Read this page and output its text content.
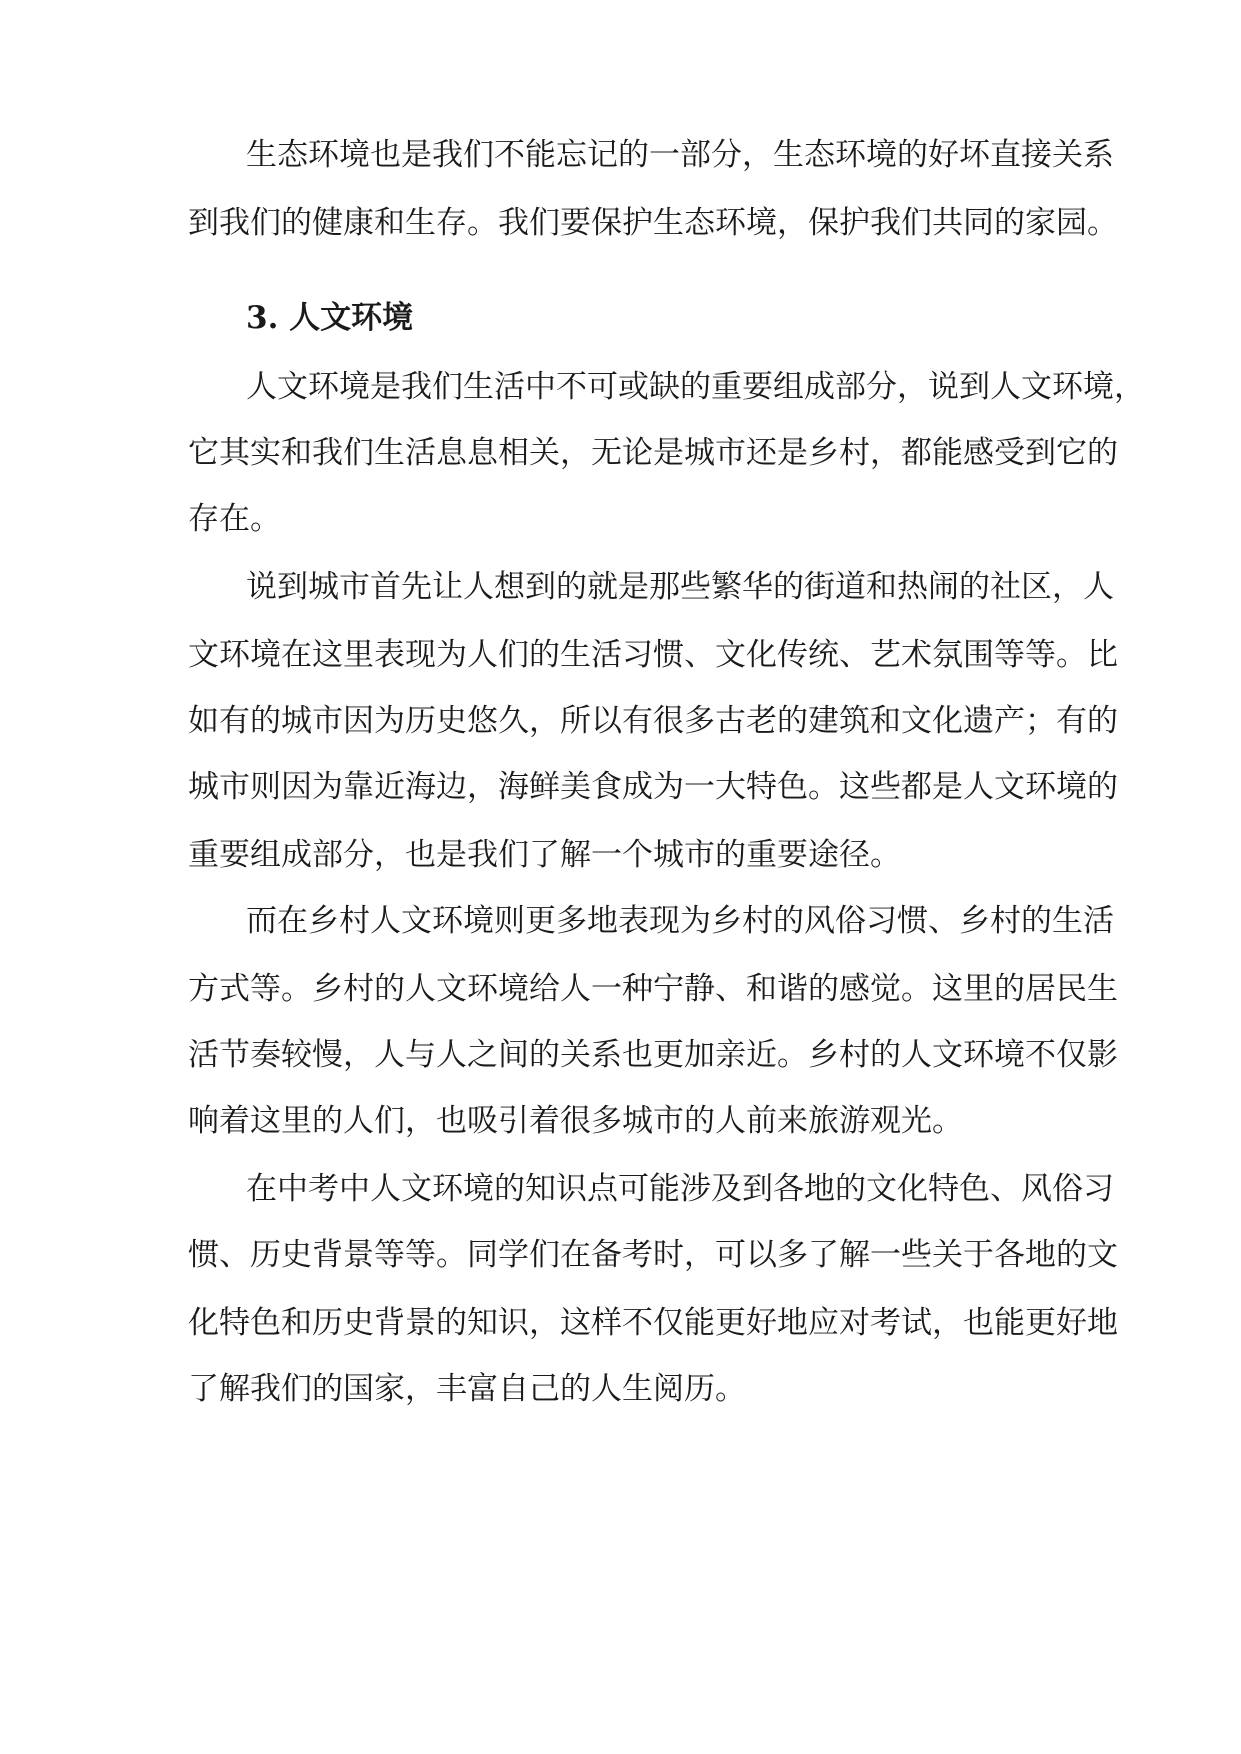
生态环境也是我们不能忘记的一部分，生态环境的好坏直接关系
到我们的健康和生存。我们要保护生态环境，保护我们共同的家园。
3. 人文环境
人文环境是我们生活中不可或缺的重要组成部分，说到人文环境，
它其实和我们生活息息相关，无论是城市还是乡村，都能感受到它的
存在。
说到城市首先让人想到的就是那些繁华的街道和热闹的社区，人
文环境在这里表现为人们的生活习惯、文化传统、艺术氛围等等。比
如有的城市因为历史悠久，所以有很多古老的建筑和文化遗产；有的
城市则因为靠近海边，海鲜美食成为一大特色。这些都是人文环境的
重要组成部分，也是我们了解一个城市的重要途径。
而在乡村人文环境则更多地表现为乡村的风俗习惯、乡村的生活
方式等。乡村的人文环境给人一种宁静、和谐的感觉。这里的居民生
活节奏较慢，人与人之间的关系也更加亲近。乡村的人文环境不仅影
响着这里的人们，也吸引着很多城市的人前来旅游观光。
在中考中人文环境的知识点可能涉及到各地的文化特色、风俗习
惯、历史背景等等。同学们在备考时，可以多了解一些关于各地的文
化特色和历史背景的知识，这样不仅能更好地应对考试，也能更好地
了解我们的国家，丰富自己的人生阅历。
